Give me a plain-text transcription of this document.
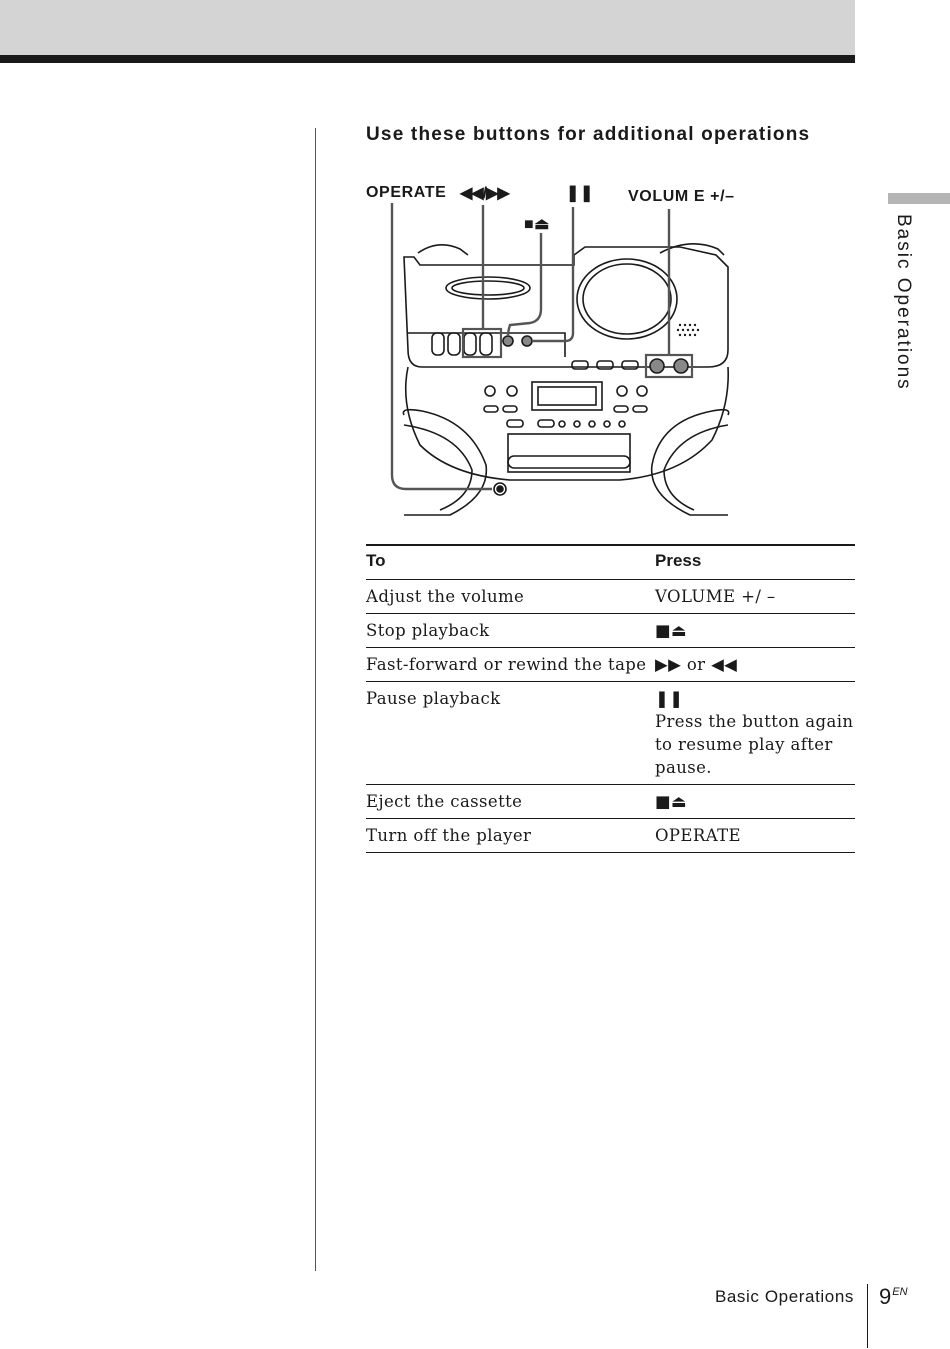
Basic Operations
Use these buttons for additional operations
OPERATE ◀◀/▶▶	❚❚
■⏏
VOLUM E +/–
To	Press
Adjust the volume	VOLUME +/ –
Stop playback	■⏏
Fast-forward or rewind the tape	▶▶ or ◀◀
Pause playback	❚❚
Press the button again to resume play after pause.

Eject the cassette	■⏏
Turn off the player	OPERATE
Basic Operations $9^{EN}$
